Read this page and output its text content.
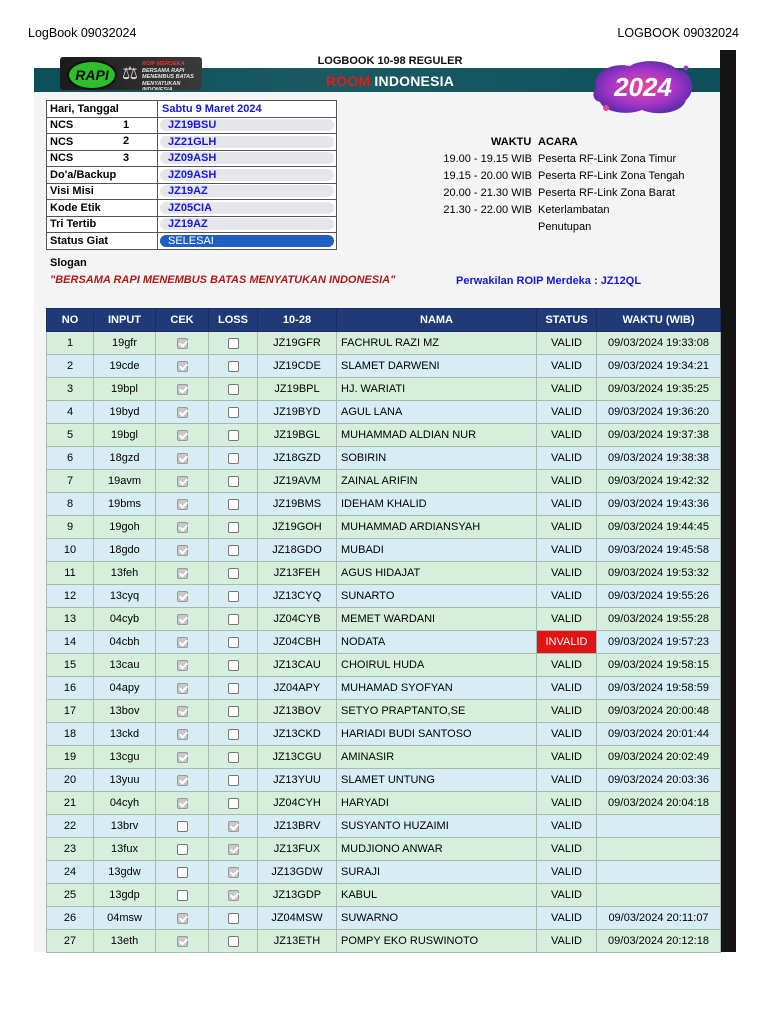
LogBook 09032024	LOGBOOK 09032024
RAPI ⚖ ROIP MERDEKA
BERSAMA RAPI
MENEMBUS BATAS
MENYATUKAN INDONESIA
LOGBOOK 10-98 REGULER
ROOM INDONESIA	2024
Hari, Tanggal	Sabtu 9 Maret 2024
NCS 1	JZ19BSU

NCS 2	JZ21GLH

NCS 3	JZ09ASH

Do'a/Backup	JZ09ASH

Visi Misi	JZ19AZ

Kode Etik	JZ05CIA

Tri Tertib	JZ19AZ

Status Giat	SELESAI
WAKTU ACARA
19.00 - 19.15 WIB Peserta RF-Link Zona Timur
19.15 - 20.00 WIB Peserta RF-Link Zona Tengah
20.00 - 21.30 WIB Peserta RF-Link Zona Barat
21.30 - 22.00 WIB Keterlambatan
Penutupan
Slogan
"BERSAMA RAPI MENEMBUS BATAS MENYATUKAN INDONESIA"	Perwakilan ROIP Merdeka : JZ12QL
NO	INPUT	CEK	LOSS	10-28	NAMA	STATUS	WAKTU (WIB)
1	19gfr			JZ19GFR	FACHRUL RAZI MZ	VALID	09/03/2024 19:33:08
2	19cde			JZ19CDE	SLAMET DARWENI	VALID	09/03/2024 19:34:21
3	19bpl			JZ19BPL	HJ. WARIATI	VALID	09/03/2024 19:35:25
4	19byd			JZ19BYD	AGUL LANA	VALID	09/03/2024 19:36:20
5	19bgl			JZ19BGL	MUHAMMAD ALDIAN NUR	VALID	09/03/2024 19:37:38
6	18gzd			JZ18GZD	SOBIRIN	VALID	09/03/2024 19:38:38
7	19avm			JZ19AVM	ZAINAL ARIFIN	VALID	09/03/2024 19:42:32
8	19bms			JZ19BMS	IDEHAM KHALID	VALID	09/03/2024 19:43:36
9	19goh			JZ19GOH	MUHAMMAD ARDIANSYAH	VALID	09/03/2024 19:44:45
10	18gdo			JZ18GDO	MUBADI	VALID	09/03/2024 19:45:58
11	13feh			JZ13FEH	AGUS HIDAJAT	VALID	09/03/2024 19:53:32
12	13cyq			JZ13CYQ	SUNARTO	VALID	09/03/2024 19:55:26
13	04cyb			JZ04CYB	MEMET WARDANI	VALID	09/03/2024 19:55:28
14	04cbh			JZ04CBH	NODATA	INVALID	09/03/2024 19:57:23
15	13cau			JZ13CAU	CHOIRUL HUDA	VALID	09/03/2024 19:58:15
16	04apy			JZ04APY	MUHAMAD SYOFYAN	VALID	09/03/2024 19:58:59
17	13bov			JZ13BOV	SETYO PRAPTANTO,SE	VALID	09/03/2024 20:00:48
18	13ckd			JZ13CKD	HARIADI BUDI SANTOSO	VALID	09/03/2024 20:01:44
19	13cgu			JZ13CGU	AMINASIR	VALID	09/03/2024 20:02:49
20	13yuu			JZ13YUU	SLAMET UNTUNG	VALID	09/03/2024 20:03:36
21	04cyh			JZ04CYH	HARYADI	VALID	09/03/2024 20:04:18
22	13brv			JZ13BRV	SUSYANTO HUZAIMI	VALID	
23	13fux			JZ13FUX	MUDJIONO ANWAR	VALID	
24	13gdw			JZ13GDW	SURAJI	VALID	
25	13gdp			JZ13GDP	KABUL	VALID	
26	04msw			JZ04MSW	SUWARNO	VALID	09/03/2024 20:11:07
27	13eth			JZ13ETH	POMPY EKO RUSWINOTO	VALID	09/03/2024 20:12:18
